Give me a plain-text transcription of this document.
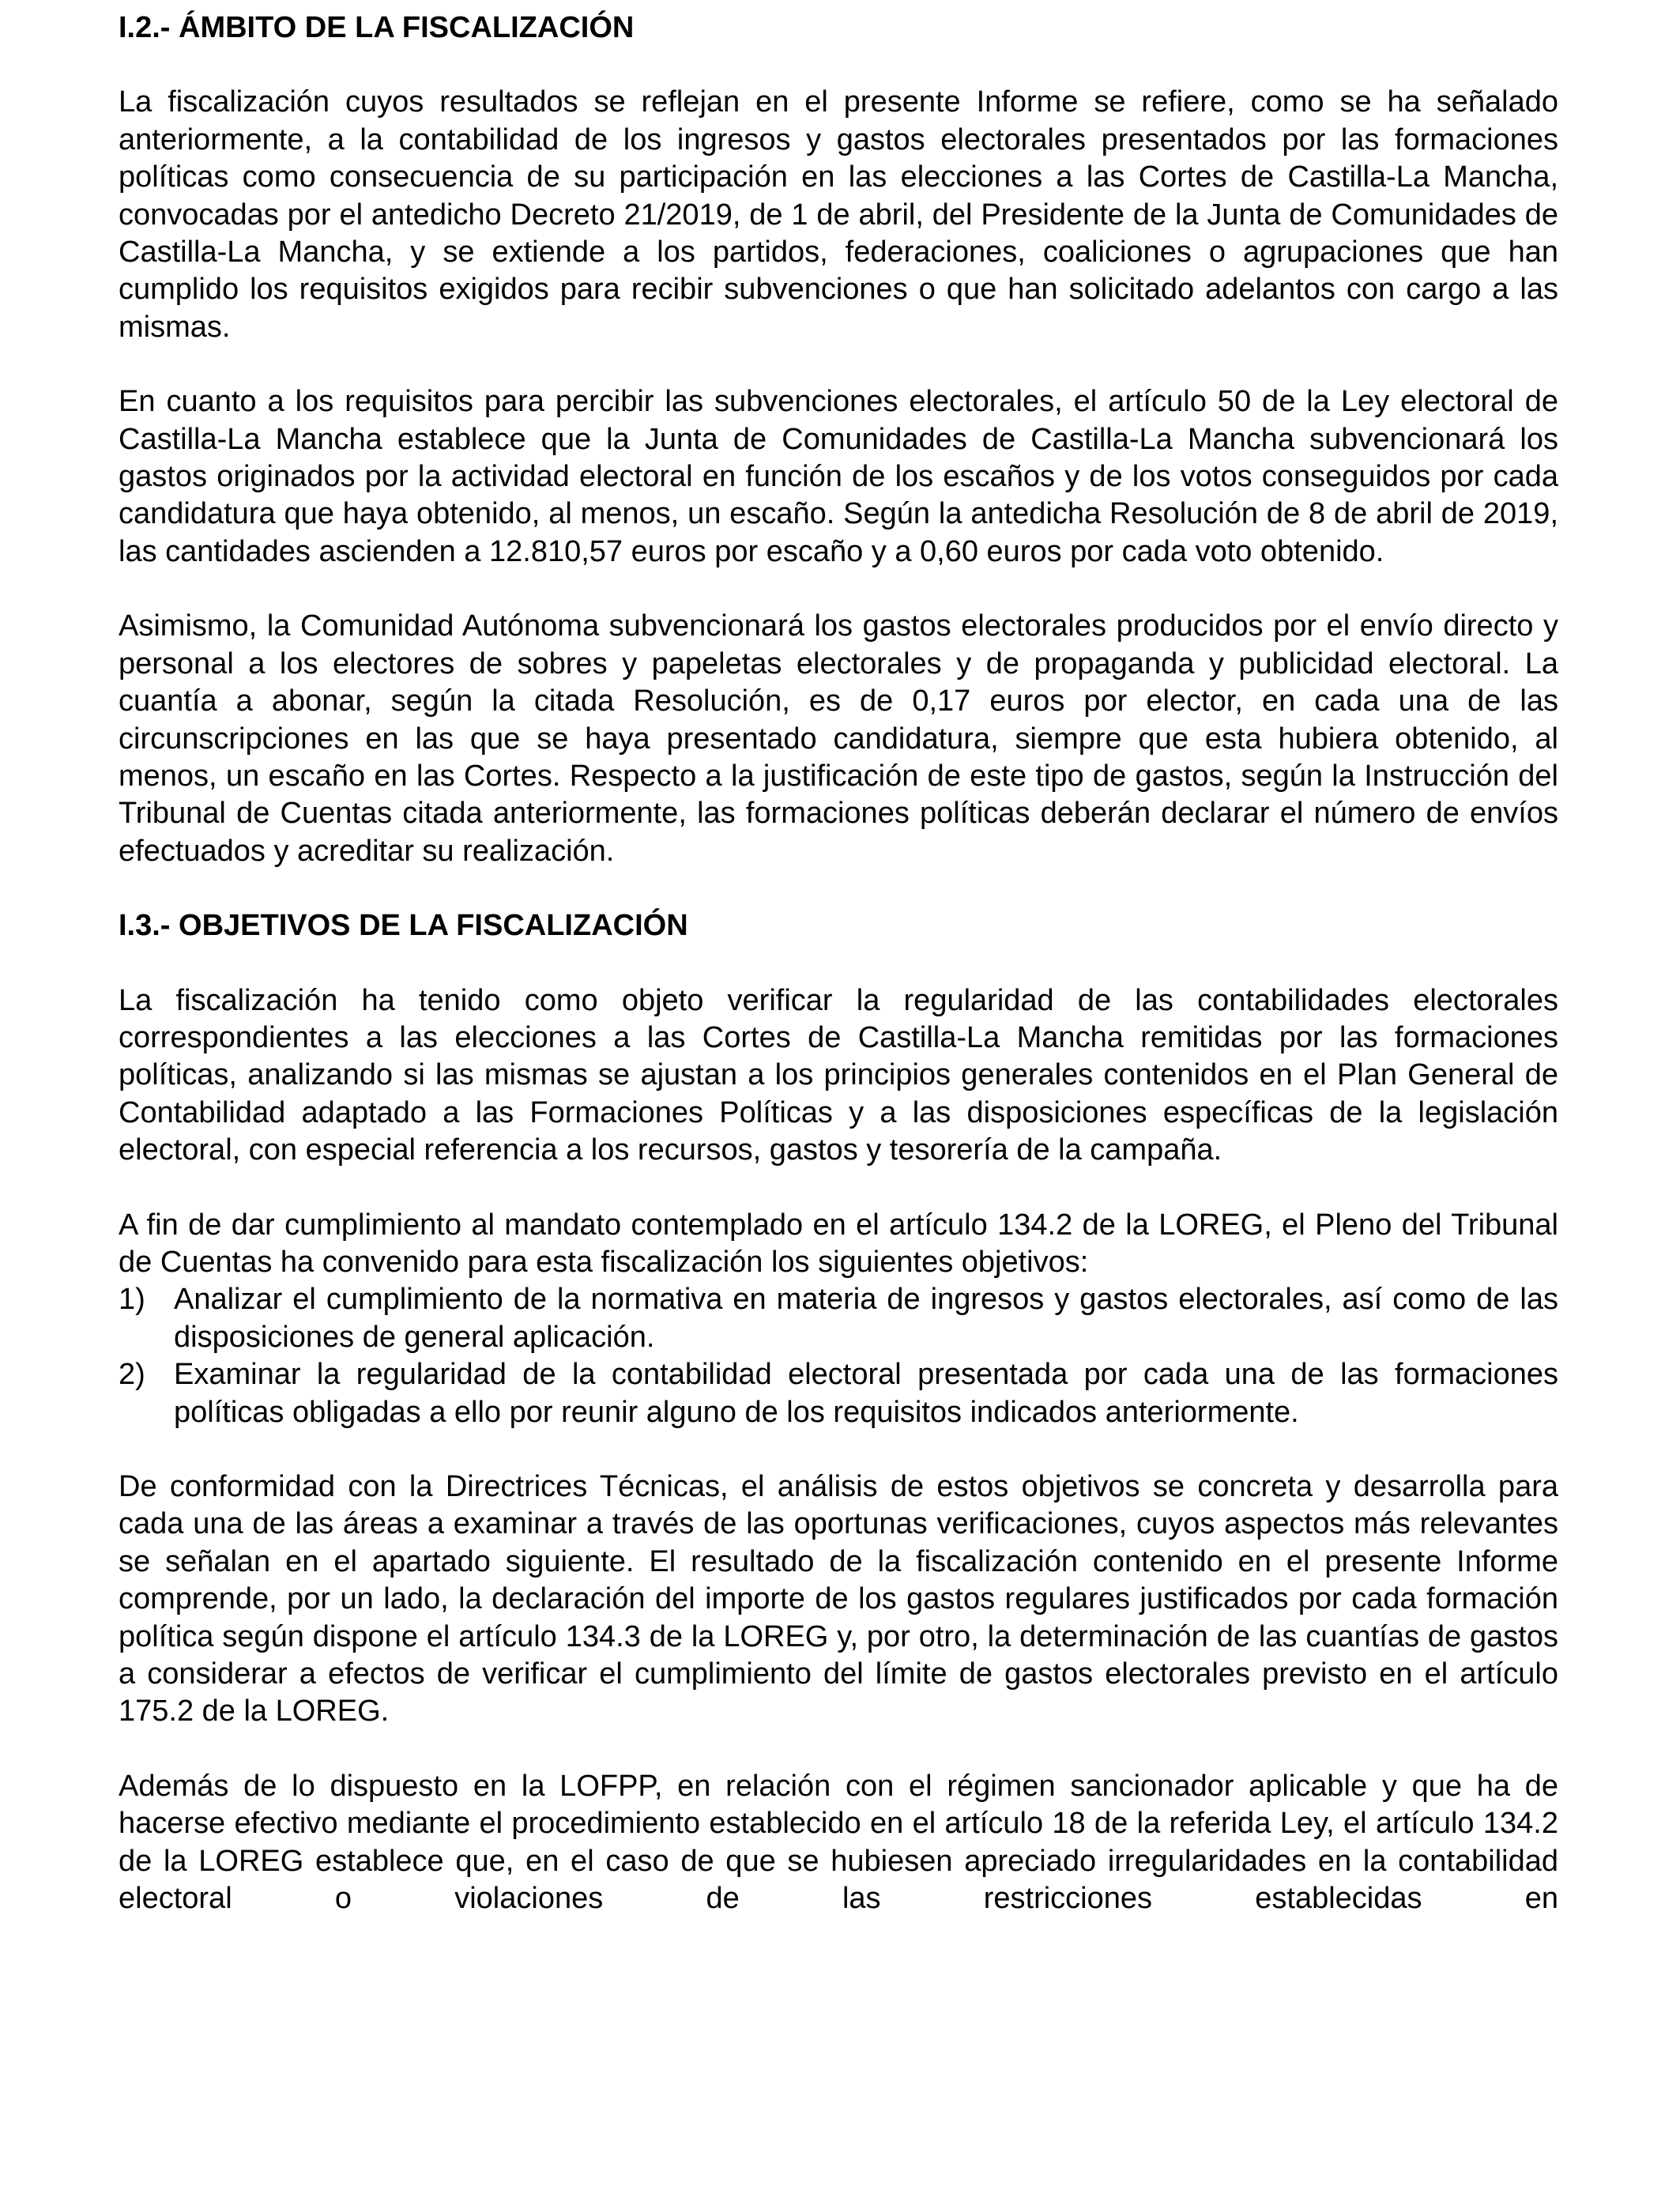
I.2.- ÁMBITO DE LA FISCALIZACIÓN

La fiscalización cuyos resultados se reflejan en el presente Informe se refiere, como se ha señalado anteriormente, a la contabilidad de los ingresos y gastos electorales presentados por las formaciones políticas como consecuencia de su participación en las elecciones a las Cortes de Castilla-La Mancha, convocadas por el antedicho Decreto 21/2019, de 1 de abril, del Presidente de la Junta de Comunidades de Castilla-La Mancha, y se extiende a los partidos, federaciones, coaliciones o agrupaciones que han cumplido los requisitos exigidos para recibir subvenciones o que han solicitado adelantos con cargo a las mismas.

En cuanto a los requisitos para percibir las subvenciones electorales, el artículo 50 de la Ley electoral de Castilla-La Mancha establece que la Junta de Comunidades de Castilla-La Mancha subvencionará los gastos originados por la actividad electoral en función de los escaños y de los votos conseguidos por cada candidatura que haya obtenido, al menos, un escaño. Según la antedicha Resolución de 8 de abril de 2019, las cantidades ascienden a 12.810,57 euros por escaño y a 0,60 euros por cada voto obtenido.

Asimismo, la Comunidad Autónoma subvencionará los gastos electorales producidos por el envío directo y personal a los electores de sobres y papeletas electorales y de propaganda y publicidad electoral. La cuantía a abonar, según la citada Resolución, es de 0,17 euros por elector, en cada una de las circunscripciones en las que se haya presentado candidatura, siempre que esta hubiera obtenido, al menos, un escaño en las Cortes. Respecto a la justificación de este tipo de gastos, según la Instrucción del Tribunal de Cuentas citada anteriormente, las formaciones políticas deberán declarar el número de envíos efectuados y acreditar su realización.

I.3.- OBJETIVOS DE LA FISCALIZACIÓN

La fiscalización ha tenido como objeto verificar la regularidad de las contabilidades electorales correspondientes a las elecciones a las Cortes de Castilla-La Mancha remitidas por las formaciones políticas, analizando si las mismas se ajustan a los principios generales contenidos en el Plan General de Contabilidad adaptado a las Formaciones Políticas y a las disposiciones específicas de la legislación electoral, con especial referencia a los recursos, gastos y tesorería de la campaña.

A fin de dar cumplimiento al mandato contemplado en el artículo 134.2 de la LOREG, el Pleno del Tribunal de Cuentas ha convenido para esta fiscalización los siguientes objetivos:

1) Analizar el cumplimiento de la normativa en materia de ingresos y gastos electorales, así como de las disposiciones de general aplicación.
2) Examinar la regularidad de la contabilidad electoral presentada por cada una de las formaciones políticas obligadas a ello por reunir alguno de los requisitos indicados anteriormente.

De conformidad con la Directrices Técnicas, el análisis de estos objetivos se concreta y desarrolla para cada una de las áreas a examinar a través de las oportunas verificaciones, cuyos aspectos más relevantes se señalan en el apartado siguiente. El resultado de la fiscalización contenido en el presente Informe comprende, por un lado, la declaración del importe de los gastos regulares justificados por cada formación política según dispone el artículo 134.3 de la LOREG y, por otro, la determinación de las cuantías de gastos a considerar a efectos de verificar el cumplimiento del límite de gastos electorales previsto en el artículo 175.2 de la LOREG.

Además de lo dispuesto en la LOFPP, en relación con el régimen sancionador aplicable y que ha de hacerse efectivo mediante el procedimiento establecido en el artículo 18 de la referida Ley, el artículo 134.2 de la LOREG establece que, en el caso de que se hubiesen apreciado irregularidades en la contabilidad electoral o violaciones de las restricciones establecidas en
